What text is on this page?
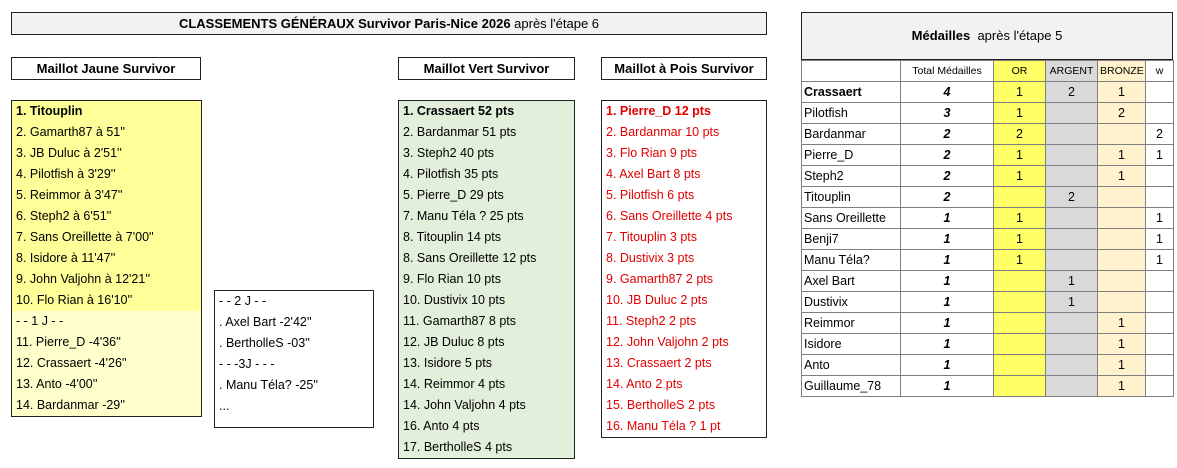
CLASSEMENTS GÉNÉRAUX Survivor Paris-Nice 2026 après l'étape 6
Maillot Jaune Survivor
1. Titouplin
2. Gamarth87 à 51''
3. JB Duluc à 2'51''
4. Pilotfish à 3'29''
5. Reimmor à 3'47''
6. Steph2 à 6'51''
7. Sans Oreillette à 7'00''
8. Isidore à 11'47''
9. John Valjohn à 12'21''
10. Flo Rian à 16'10''
- - 1 J - -
11. Pierre_D -4'36''
12. Crassaert -4'26''
13. Anto -4'00''
14. Bardanmar -29''
- - 2 J - -
. Axel Bart -2'42''
. BertholleS -03''
- - -3J - - -
. Manu Téla? -25''
...
Maillot Vert Survivor
1. Crassaert 52 pts
2. Bardanmar 51 pts
3. Steph2 40 pts
4. Pilotfish 35 pts
5. Pierre_D 29 pts
7. Manu Téla ? 25 pts
8. Titouplin 14 pts
8. Sans Oreillette 12 pts
9. Flo Rian 10 pts
10. Dustivix 10 pts
11. Gamarth87 8 pts
12. JB Duluc 8 pts
13. Isidore 5 pts
14. Reimmor 4 pts
14. John Valjohn 4 pts
16. Anto 4 pts
17. BertholleS 4 pts
Maillot à Pois Survivor
1. Pierre_D 12 pts
2. Bardanmar 10 pts
3. Flo Rian 9 pts
4. Axel Bart 8 pts
5. Pilotfish 6 pts
6. Sans Oreillette 4 pts
7. Titouplin 3 pts
8. Dustivix 3 pts
9. Gamarth87 2 pts
10. JB Duluc 2 pts
11. Steph2 2 pts
12. John Valjohn 2 pts
13. Crassaert 2 pts
14. Anto 2 pts
15. BertholleS 2 pts
16. Manu Téla ? 1 pt
Médailles après l'étape 5
	Total Médailles	OR	ARGENT	BRONZE	w
Crassaert	4	1	2	1	
Pilotfish	3	1		2	
Bardanmar	2	2			2
Pierre_D	2	1		1	1
Steph2	2	1		1	
Titouplin	2		2		
Sans Oreillette	1	1			1
Benji7	1	1			1
Manu Téla?	1	1			1
Axel Bart	1		1		
Dustivix	1		1		
Reimmor	1			1	
Isidore	1			1	
Anto	1			1	
Guillaume_78	1			1	
